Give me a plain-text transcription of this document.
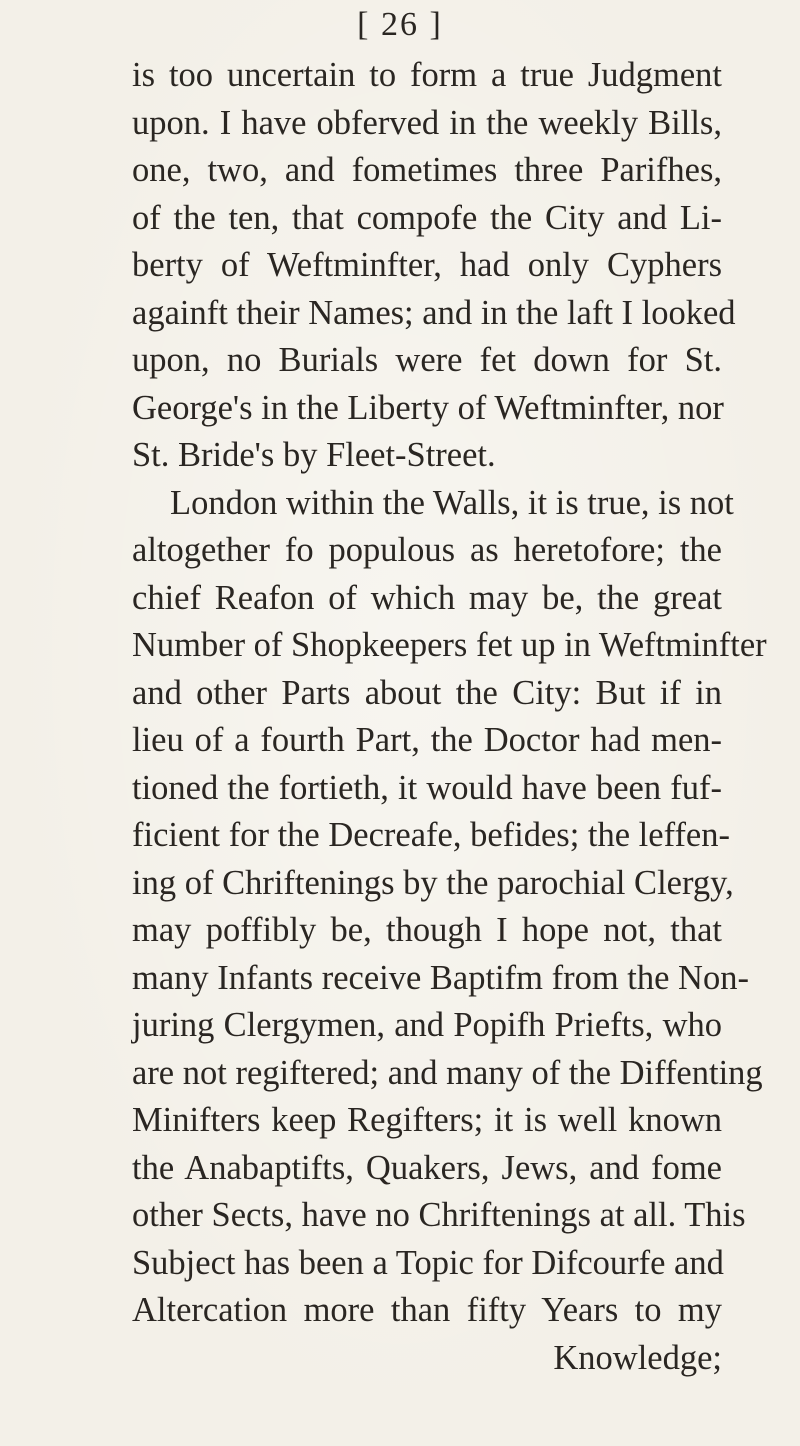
[ 26 ]
is too uncertain to form a true Judgment
upon. I have obferved in the weekly Bills,
one, two, and fometimes three Parifhes,
of the ten, that compofe the City and Li-
berty of Weftminfter, had only Cyphers
againft their Names; and in the laft I looked
upon, no Burials were fet down for St.
George's in the Liberty of Weftminfter, nor
St. Bride's by Fleet-Street.
London within the Walls, it is true, is not
altogether fo populous as heretofore; the
chief Reafon of which may be, the great
Number of Shopkeepers fet up in Weftminfter
and other Parts about the City: But if in
lieu of a fourth Part, the Doctor had men-
tioned the fortieth, it would have been fuf-
ficient for the Decreafe, befides; the leffen-
ing of Chriftenings by the parochial Clergy,
may poffibly be, though I hope not, that
many Infants receive Baptifm from the Non-
juring Clergymen, and Popifh Priefts, who
are not regiftered; and many of the Diffenting
Minifters keep Regifters; it is well known
the Anabaptifts, Quakers, Jews, and fome
other Sects, have no Chriftenings at all. This
Subject has been a Topic for Difcourfe and
Altercation more than fifty Years to my
Knowledge;
